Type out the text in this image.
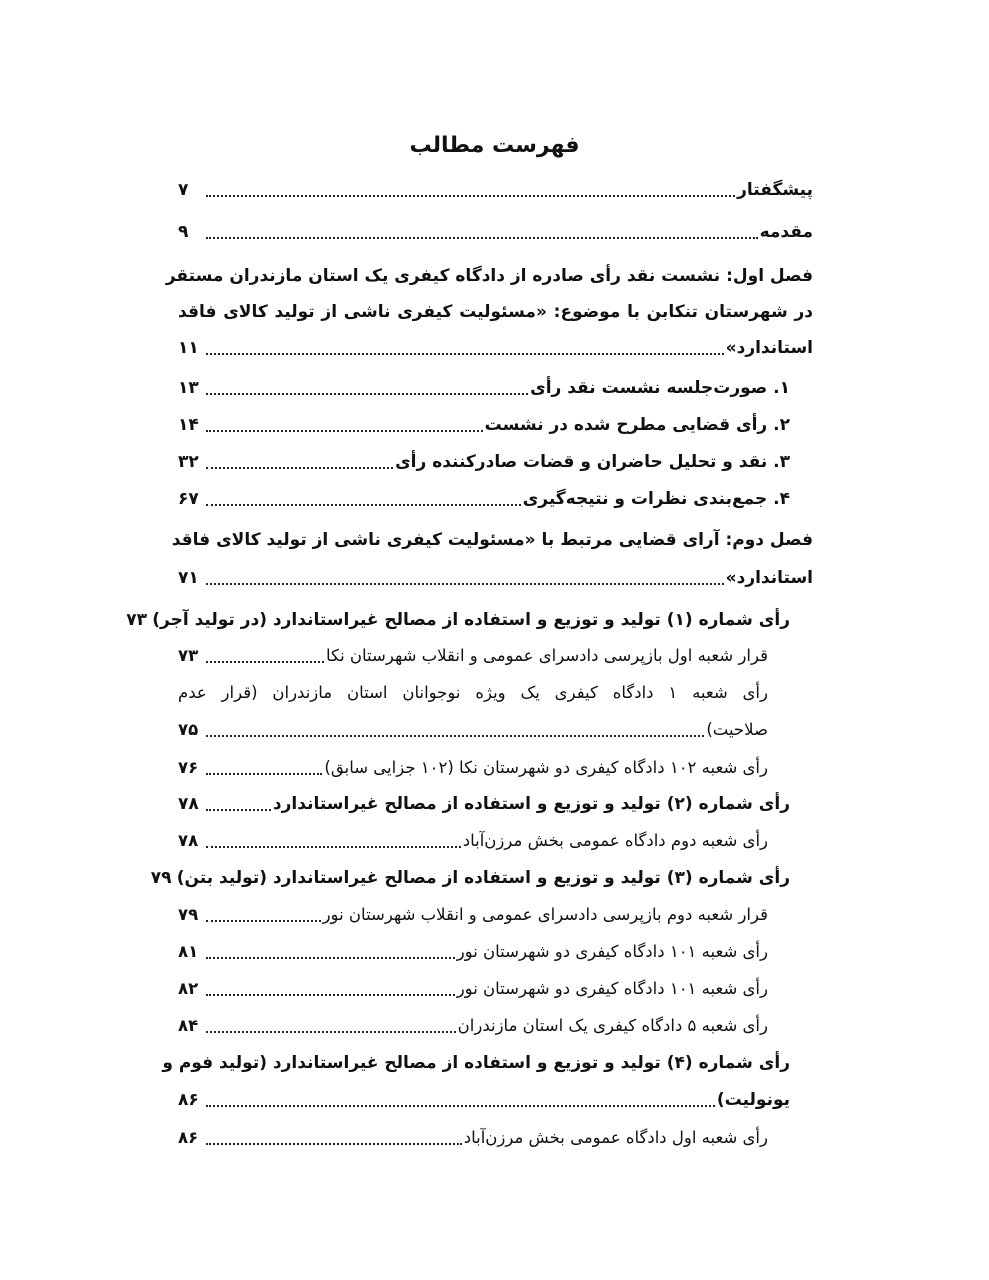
فهرست مطالب
پیشگفتار
۷
مقدمه
۹
فصل اول: نشست نقد رأی صادره از دادگاه کیفری یک استان مازندران مستقر
در شهرستان تنکابن با موضوع: «مسئولیت کیفری ناشی از تولید کالای فاقد
استاندارد»
۱۱
۱. صورت‌جلسه نشست نقد رأی
۱۳
۲. رأی قضایی مطرح شده در نشست
۱۴
۳. نقد و تحلیل حاضران و قضات صادرکننده رأی
۳۲
۴. جمع‌بندی نظرات و نتیجه‌گیری
۶۷
فصل دوم: آرای قضایی مرتبط با «مسئولیت کیفری ناشی از تولید کالای فاقد
استاندارد»
۷۱
رأی شماره (۱) تولید و توزیع و استفاده از مصالح غیراستاندارد (در تولید آجر)
۷۳
قرار شعبه اول بازپرسی دادسرای عمومی و انقلاب شهرستان نکا
۷۳
رأی شعبه ۱ دادگاه کیفری یک ویژه نوجوانان استان مازندران (قرار عدم
صلاحیت)
۷۵
رأی شعبه ۱۰۲ دادگاه کیفری دو شهرستان نکا (۱۰۲ جزایی سابق)
۷۶
رأی شماره (۲) تولید و توزیع و استفاده از مصالح غیراستاندارد
۷۸
رأی شعبه دوم دادگاه عمومی بخش مرزن‌آباد
۷۸
رأی شماره (۳) تولید و توزیع و استفاده از مصالح غیراستاندارد (تولید بتن)
۷۹
قرار شعبه دوم بازپرسی دادسرای عمومی و انقلاب شهرستان نور
۷۹
رأی شعبه ۱۰۱ دادگاه کیفری دو شهرستان نور
۸۱
رأی شعبه ۱۰۱ دادگاه کیفری دو شهرستان نور
۸۲
رأی شعبه ۵ دادگاه کیفری یک استان مازندران
۸۴
رأی شماره (۴) تولید و توزیع و استفاده از مصالح غیراستاندارد (تولید فوم و
یونولیت)
۸۶
رأی شعبه اول دادگاه عمومی بخش مرزن‌آباد
۸۶
